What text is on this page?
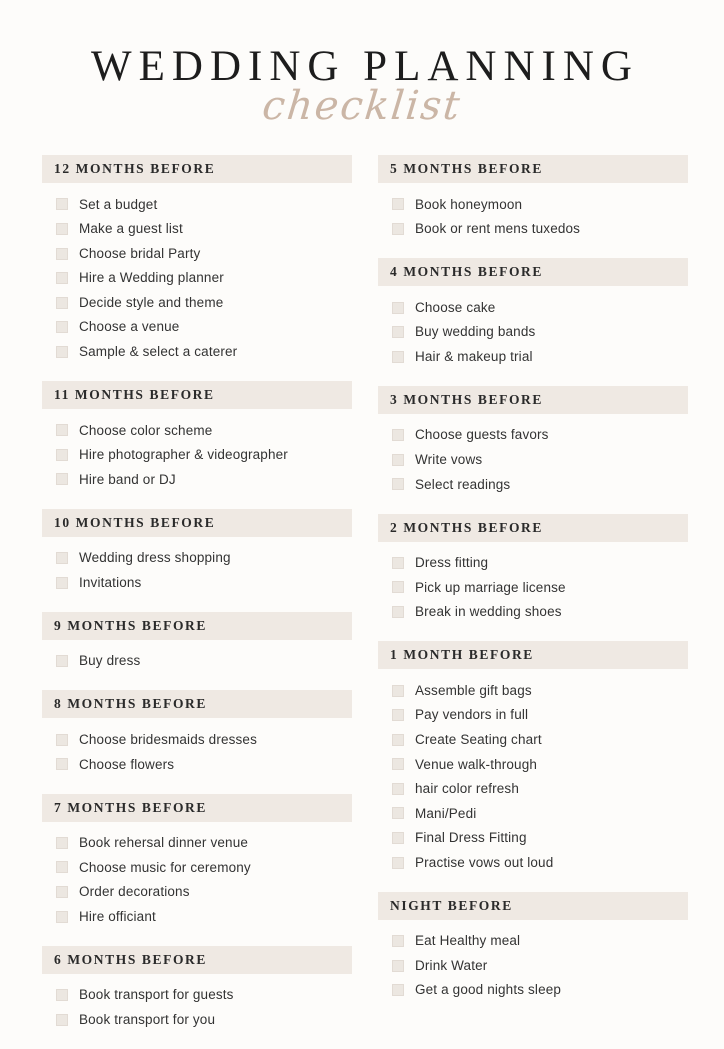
WEDDING PLANNING
checklist
12 MONTHS BEFORE
Set a budget
Make a guest list
Choose bridal Party
Hire a Wedding planner
Decide style and theme
Choose a venue
Sample & select a caterer
11 MONTHS BEFORE
Choose color scheme
Hire photographer & videographer
Hire band or DJ
10 MONTHS BEFORE
Wedding dress shopping
Invitations
9 MONTHS BEFORE
Buy dress
8 MONTHS BEFORE
Choose bridesmaids dresses
Choose flowers
7 MONTHS BEFORE
Book rehersal dinner venue
Choose music for ceremony
Order decorations
Hire officiant
6 MONTHS BEFORE
Book transport for guests
Book transport for you
5 MONTHS BEFORE
Book honeymoon
Book or rent mens tuxedos
4 MONTHS BEFORE
Choose cake
Buy wedding bands
Hair & makeup trial
3 MONTHS BEFORE
Choose guests favors
Write vows
Select readings
2 MONTHS BEFORE
Dress fitting
Pick up marriage license
Break in wedding shoes
1 MONTH BEFORE
Assemble gift bags
Pay vendors in full
Create Seating chart
Venue walk-through
hair color refresh
Mani/Pedi
Final Dress Fitting
Practise vows out loud
NIGHT BEFORE
Eat Healthy meal
Drink Water
Get a good nights sleep
